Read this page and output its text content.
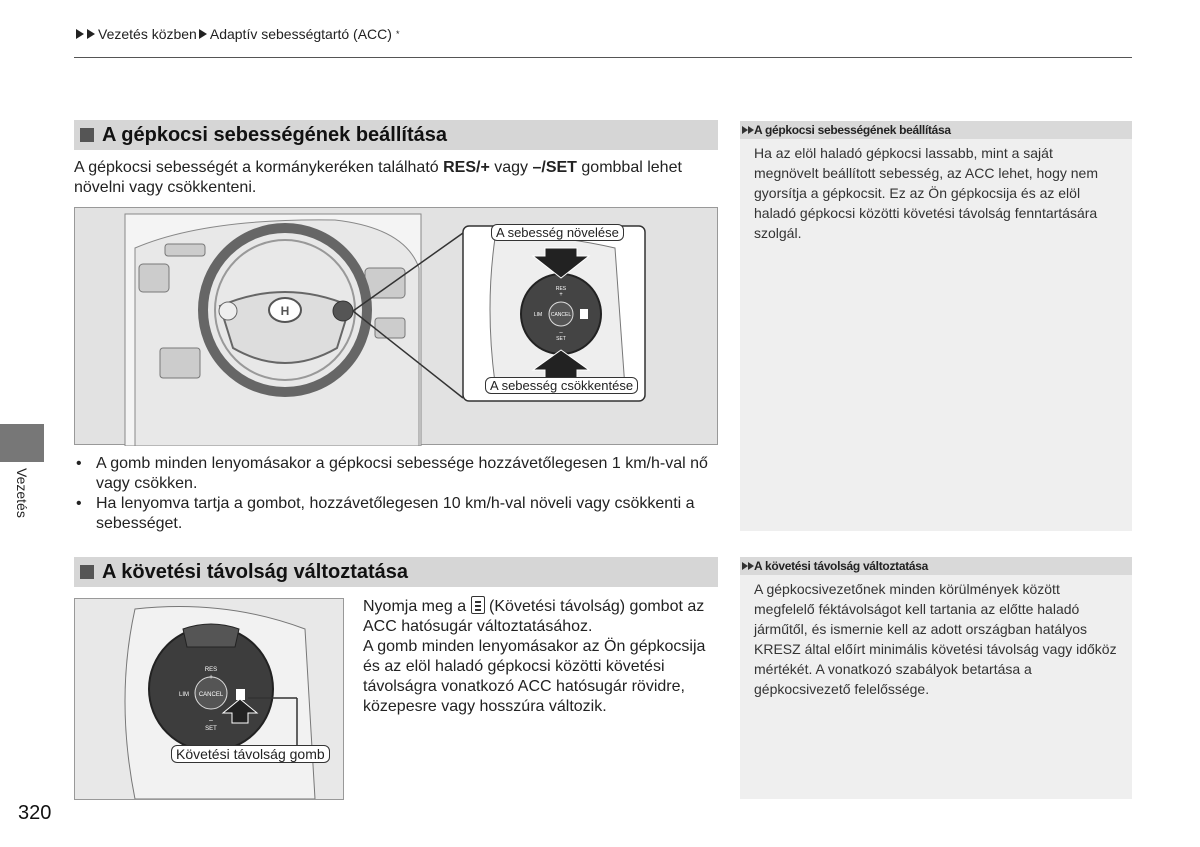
Vezetés közben Adaptív sebességtartó (ACC) *
A gépkocsi sebességének beállítása
A gépkocsi sebességét a kormánykeréken található RES/+ vagy –/SET gombbal lehet növelni vagy csökkenteni.
H	CANCEL
RES
+
LIM
–
SET
A sebesség növelése
A sebesség csökkentése
• A gomb minden lenyomásakor a gépkocsi sebessége hozzávetőlegesen 1 km/h-val nő vagy csökken.
• Ha lenyomva tartja a gombot, hozzávetőlegesen 10 km/h-val növeli vagy csökkenti a sebességet.
A követési távolság változtatása
CANCEL
RES
+
LIM
–
SET
Követési távolság gomb
Nyomja meg a  (Követési távolság) gombot az ACC hatósugár változtatásához.
A gomb minden lenyomásakor az Ön gépkocsija és az elöl haladó gépkocsi közötti követési távolságra vonatkozó ACC hatósugár rövidre, közepesre vagy hosszúra változik.
A gépkocsi sebességének beállítása
Ha az elöl haladó gépkocsi lassabb, mint a saját megnövelt beállított sebesség, az ACC lehet, hogy nem gyorsítja a gépkocsit. Ez az Ön gépkocsija és az elöl haladó gépkocsi közötti követési távolság fenntartására szolgál.
A követési távolság változtatása
A gépkocsivezetőnek minden körülmények között megfelelő féktávolságot kell tartania az előtte haladó járműtől, és ismernie kell az adott országban hatályos KRESZ által előírt minimális követési távolság vagy időköz mértékét. A vonatkozó szabályok betartása a gépkocsivezető felelőssége.
Vezetés
320
